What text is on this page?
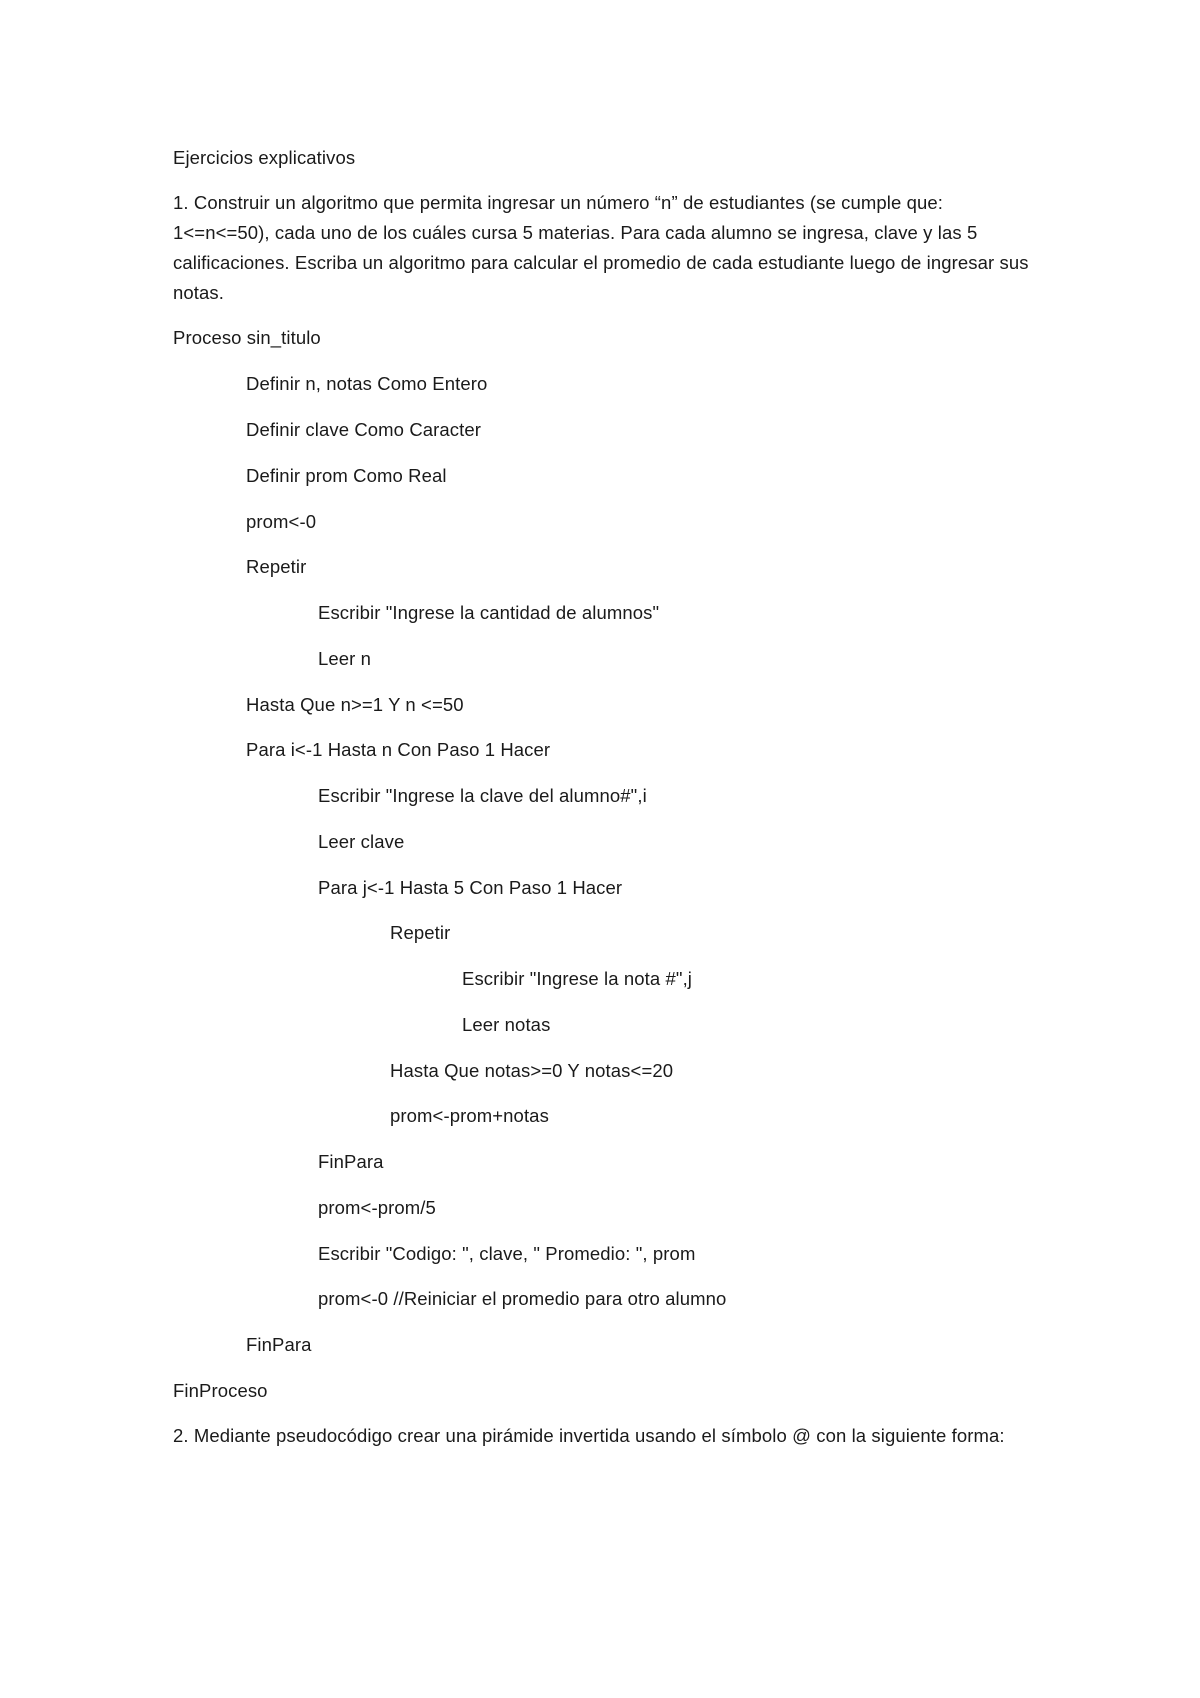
Ejercicios explicativos
1. Construir un algoritmo que permita ingresar un número “n” de estudiantes (se cumple que: 1<=n<=50), cada uno de los cuáles cursa 5 materias. Para cada alumno se ingresa, clave y las 5 calificaciones. Escriba un algoritmo para calcular el promedio de cada estudiante luego de ingresar sus notas.
Proceso sin_titulo
Definir n, notas Como Entero
Definir clave Como Caracter
Definir prom Como Real
prom<-0
Repetir
Escribir "Ingrese la cantidad de alumnos"
Leer n
Hasta Que n>=1 Y n <=50
Para i<-1 Hasta n Con Paso 1 Hacer
Escribir "Ingrese la clave del alumno#",i
Leer clave
Para j<-1 Hasta 5 Con Paso 1 Hacer
Repetir
Escribir "Ingrese la nota #",j
Leer notas
Hasta Que notas>=0 Y notas<=20
prom<-prom+notas
FinPara
prom<-prom/5
Escribir "Codigo: ", clave, " Promedio: ", prom
prom<-0 //Reiniciar el promedio para otro alumno
FinPara
FinProceso
2. Mediante pseudocódigo crear una pirámide invertida usando el símbolo @ con la siguiente forma:
